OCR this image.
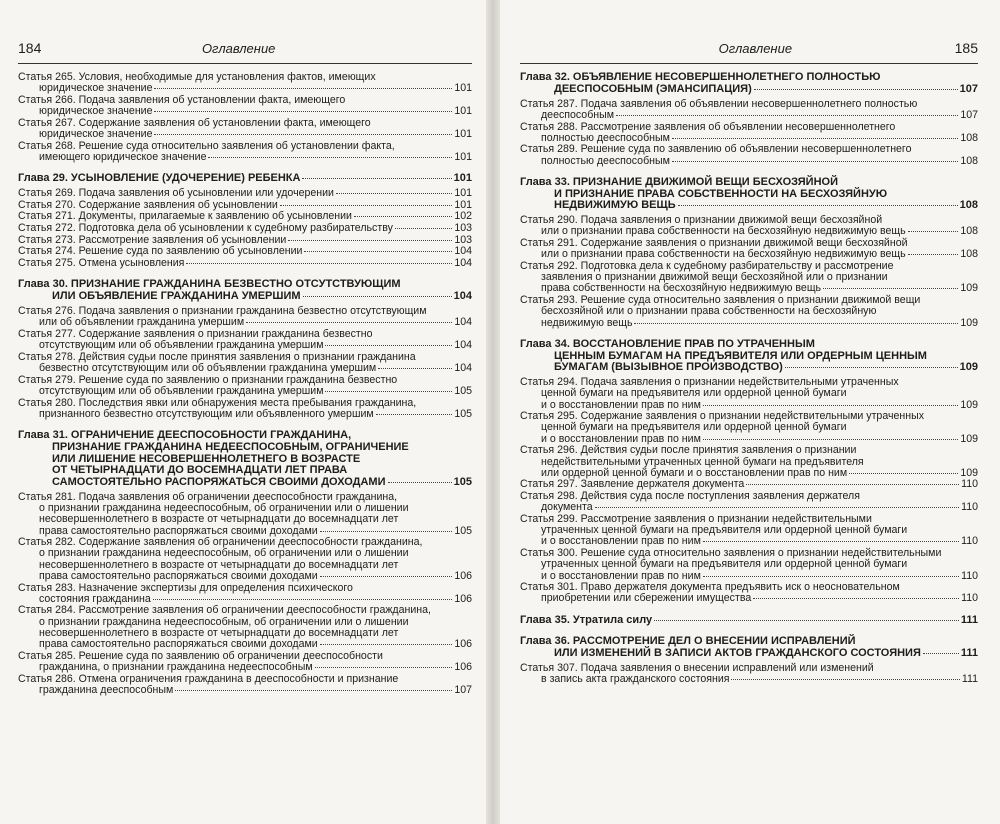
184	Оглавление
Статья 265. Условия, необходимые для установления фактов, имеющих
юридическое значение	101
Статья 266. Подача заявления об установлении факта, имеющего
юридическое значение	101
Статья 267. Содержание заявления об установлении факта, имеющего
юридическое значение	101
Статья 268. Решение суда относительно заявления об установлении факта,
имеющего юридическое значение	101
Глава 29. УСЫНОВЛЕНИЕ (УДОЧЕРЕНИЕ) РЕБЕНКА	101
Статья 269. Подача заявления об усыновлении или удочерении	101
Статья 270. Содержание заявления об усыновлении	101
Статья 271. Документы, прилагаемые к заявлению об усыновлении	102
Статья 272. Подготовка дела об усыновлении к судебному разбирательству	103
Статья 273. Рассмотрение заявления об усыновлении	103
Статья 274. Решение суда по заявлению об усыновлении	104
Статья 275. Отмена усыновления	104
Глава 30. ПРИЗНАНИЕ ГРАЖДАНИНА БЕЗВЕСТНО ОТСУТСТВУЮЩИМ
ИЛИ ОБЪЯВЛЕНИЕ ГРАЖДАНИНА УМЕРШИМ	104
Статья 276. Подача заявления о признании гражданина безвестно отсутствующим
или об объявлении гражданина умершим	104
Статья 277. Содержание заявления о признании гражданина безвестно
отсутствующим или об объявлении гражданина умершим	104
Статья 278. Действия судьи после принятия заявления о признании гражданина
безвестно отсутствующим или об объявлении гражданина умершим	104
Статья 279. Решение суда по заявлению о признании гражданина безвестно
отсутствующим или об объявлении гражданина умершим	105
Статья 280. Последствия явки или обнаружения места пребывания гражданина,
признанного безвестно отсутствующим или объявленного умершим	105
Глава 31. ОГРАНИЧЕНИЕ ДЕЕСПОСОБНОСТИ ГРАЖДАНИНА,
ПРИЗНАНИЕ ГРАЖДАНИНА НЕДЕЕСПОСОБНЫМ, ОГРАНИЧЕНИЕ
ИЛИ ЛИШЕНИЕ НЕСОВЕРШЕННОЛЕТНЕГО В ВОЗРАСТЕ
ОТ ЧЕТЫРНАДЦАТИ ДО ВОСЕМНАДЦАТИ ЛЕТ ПРАВА
САМОСТОЯТЕЛЬНО РАСПОРЯЖАТЬСЯ СВОИМИ ДОХОДАМИ	105
Статья 281. Подача заявления об ограничении дееспособности гражданина,
о признании гражданина недееспособным, об ограничении или о лишении
несовершеннолетнего в возрасте от четырнадцати до восемнадцати лет
права самостоятельно распоряжаться своими доходами	105
Статья 282. Содержание заявления об ограничении дееспособности гражданина,
о признании гражданина недееспособным, об ограничении или о лишении
несовершеннолетнего в возрасте от четырнадцати до восемнадцати лет
права самостоятельно распоряжаться своими доходами	106
Статья 283. Назначение экспертизы для определения психического
состояния гражданина	106
Статья 284. Рассмотрение заявления об ограничении дееспособности гражданина,
о признании гражданина недееспособным, об ограничении или о лишении
несовершеннолетнего в возрасте от четырнадцати до восемнадцати лет
права самостоятельно распоряжаться своими доходами	106
Статья 285. Решение суда по заявлению об ограничении дееспособности
гражданина, о признании гражданина недееспособным	106
Статья 286. Отмена ограничения гражданина в дееспособности и признание
гражданина дееспособным	107
Оглавление	185
Глава 32. ОБЪЯВЛЕНИЕ НЕСОВЕРШЕННОЛЕТНЕГО ПОЛНОСТЬЮ
ДЕЕСПОСОБНЫМ (ЭМАНСИПАЦИЯ)	107
Статья 287. Подача заявления об объявлении несовершеннолетнего полностью
дееспособным	107
Статья 288. Рассмотрение заявления об объявлении несовершеннолетнего
полностью дееспособным	108
Статья 289. Решение суда по заявлению об объявлении несовершеннолетнего
полностью дееспособным	108
Глава 33. ПРИЗНАНИЕ ДВИЖИМОЙ ВЕЩИ БЕСХОЗЯЙНОЙ
И ПРИЗНАНИЕ ПРАВА СОБСТВЕННОСТИ НА БЕСХОЗЯЙНУЮ
НЕДВИЖИМУЮ ВЕЩЬ	108
Статья 290. Подача заявления о признании движимой вещи бесхозяйной
или о признании права собственности на бесхозяйную недвижимую вещь	108
Статья 291. Содержание заявления о признании движимой вещи бесхозяйной
или о признании права собственности на бесхозяйную недвижимую вещь	108
Статья 292. Подготовка дела к судебному разбирательству и рассмотрение
заявления о признании движимой вещи бесхозяйной или о признании
права собственности на бесхозяйную недвижимую вещь	109
Статья 293. Решение суда относительно заявления о признании движимой вещи
бесхозяйной или о признании права собственности на бесхозяйную
недвижимую вещь	109
Глава 34. ВОССТАНОВЛЕНИЕ ПРАВ ПО УТРАЧЕННЫМ
ЦЕННЫМ БУМАГАМ НА ПРЕДЪЯВИТЕЛЯ ИЛИ ОРДЕРНЫМ ЦЕННЫМ
БУМАГАМ (ВЫЗЫВНОЕ ПРОИЗВОДСТВО)	109
Статья 294. Подача заявления о признании недействительными утраченных
ценной бумаги на предъявителя или ордерной ценной бумаги
и о восстановлении прав по ним	109
Статья 295. Содержание заявления о признании недействительными утраченных
ценной бумаги на предъявителя или ордерной ценной бумаги
и о восстановлении прав по ним	109
Статья 296. Действия судьи после принятия заявления о признании
недействительными утраченных ценной бумаги на предъявителя
или ордерной ценной бумаги и о восстановлении прав по ним	109
Статья 297. Заявление держателя документа	110
Статья 298. Действия суда после поступления заявления держателя
документа	110
Статья 299. Рассмотрение заявления о признании недействительными
утраченных ценной бумаги на предъявителя или ордерной ценной бумаги
и о восстановлении прав по ним	110
Статья 300. Решение суда относительно заявления о признании недействительными
утраченных ценной бумаги на предъявителя или ордерной ценной бумаги
и о восстановлении прав по ним	110
Статья 301. Право держателя документа предъявить иск о неосновательном
приобретении или сбережении имущества	110
Глава 35. Утратила силу	111
Глава 36. РАССМОТРЕНИЕ ДЕЛ О ВНЕСЕНИИ ИСПРАВЛЕНИЙ
ИЛИ ИЗМЕНЕНИЙ В ЗАПИСИ АКТОВ ГРАЖДАНСКОГО СОСТОЯНИЯ	111
Статья 307. Подача заявления о внесении исправлений или изменений
в запись акта гражданского состояния	111
